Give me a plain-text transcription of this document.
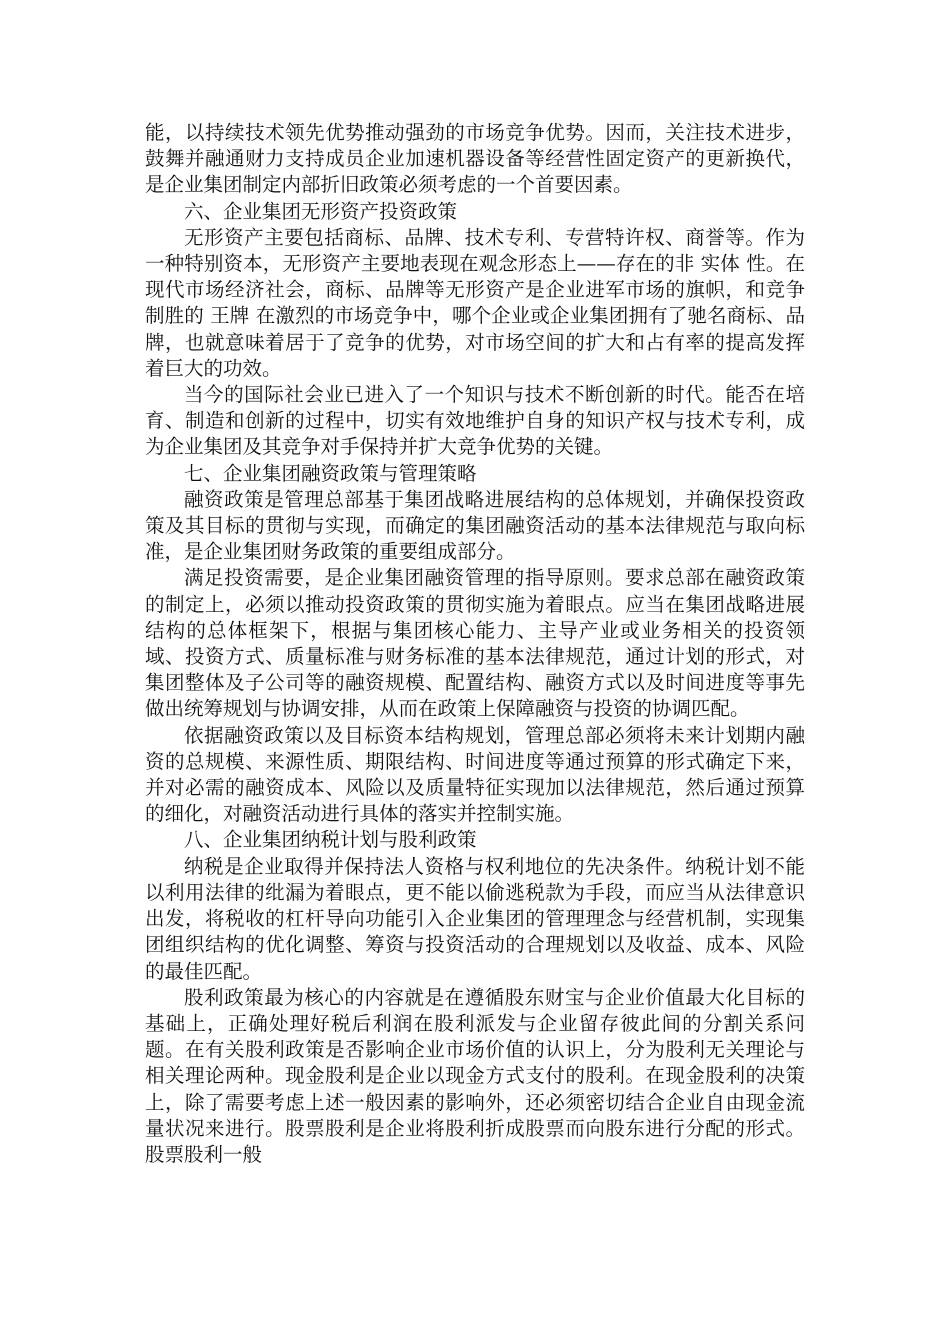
能，以持续技术领先优势推动强劲的市场竞争优势。因而，关注技术进步，鼓舞并融通财力支持成员企业加速机器设备等经营性固定资产的更新换代，是企业集团制定内部折旧政策必须考虑的一个首要因素。

六、企业集团无形资产投资政策

无形资产主要包括商标、品牌、技术专利、专营特许权、商誉等。作为一种特别资本，无形资产主要地表现在观念形态上——存在的非 实体 性。在现代市场经济社会，商标、品牌等无形资产是企业进军市场的旗帜，和竞争制胜的 王牌 在激烈的市场竞争中，哪个企业或企业集团拥有了驰名商标、品牌，也就意味着居于了竞争的优势，对市场空间的扩大和占有率的提高发挥着巨大的功效。

当今的国际社会业已进入了一个知识与技术不断创新的时代。能否在培育、制造和创新的过程中，切实有效地维护自身的知识产权与技术专利，成为企业集团及其竞争对手保持并扩大竞争优势的关键。

七、企业集团融资政策与管理策略

融资政策是管理总部基于集团战略进展结构的总体规划，并确保投资政策及其目标的贯彻与实现，而确定的集团融资活动的基本法律规范与取向标准，是企业集团财务政策的重要组成部分。

满足投资需要，是企业集团融资管理的指导原则。要求总部在融资政策的制定上，必须以推动投资政策的贯彻实施为着眼点。应当在集团战略进展结构的总体框架下，根据与集团核心能力、主导产业或业务相关的投资领域、投资方式、质量标准与财务标准的基本法律规范，通过计划的形式，对集团整体及子公司等的融资规模、配置结构、融资方式以及时间进度等事先做出统筹规划与协调安排，从而在政策上保障融资与投资的协调匹配。

依据融资政策以及目标资本结构规划，管理总部必须将未来计划期内融资的总规模、来源性质、期限结构、时间进度等通过预算的形式确定下来，并对必需的融资成本、风险以及质量特征实现加以法律规范，然后通过预算的细化，对融资活动进行具体的落实并控制实施。

八、企业集团纳税计划与股利政策

纳税是企业取得并保持法人资格与权利地位的先决条件。纳税计划不能以利用法律的纰漏为着眼点，更不能以偷逃税款为手段，而应当从法律意识出发，将税收的杠杆导向功能引入企业集团的管理理念与经营机制，实现集团组织结构的优化调整、筹资与投资活动的合理规划以及收益、成本、风险的最佳匹配。

股利政策最为核心的内容就是在遵循股东财宝与企业价值最大化目标的基础上，正确处理好税后利润在股利派发与企业留存彼此间的分割关系问题。在有关股利政策是否影响企业市场价值的认识上，分为股利无关理论与相关理论两种。现金股利是企业以现金方式支付的股利。在现金股利的决策上，除了需要考虑上述一般因素的影响外，还必须密切结合企业自由现金流量状况来进行。股票股利是企业将股利折成股票而向股东进行分配的形式。股票股利一般
